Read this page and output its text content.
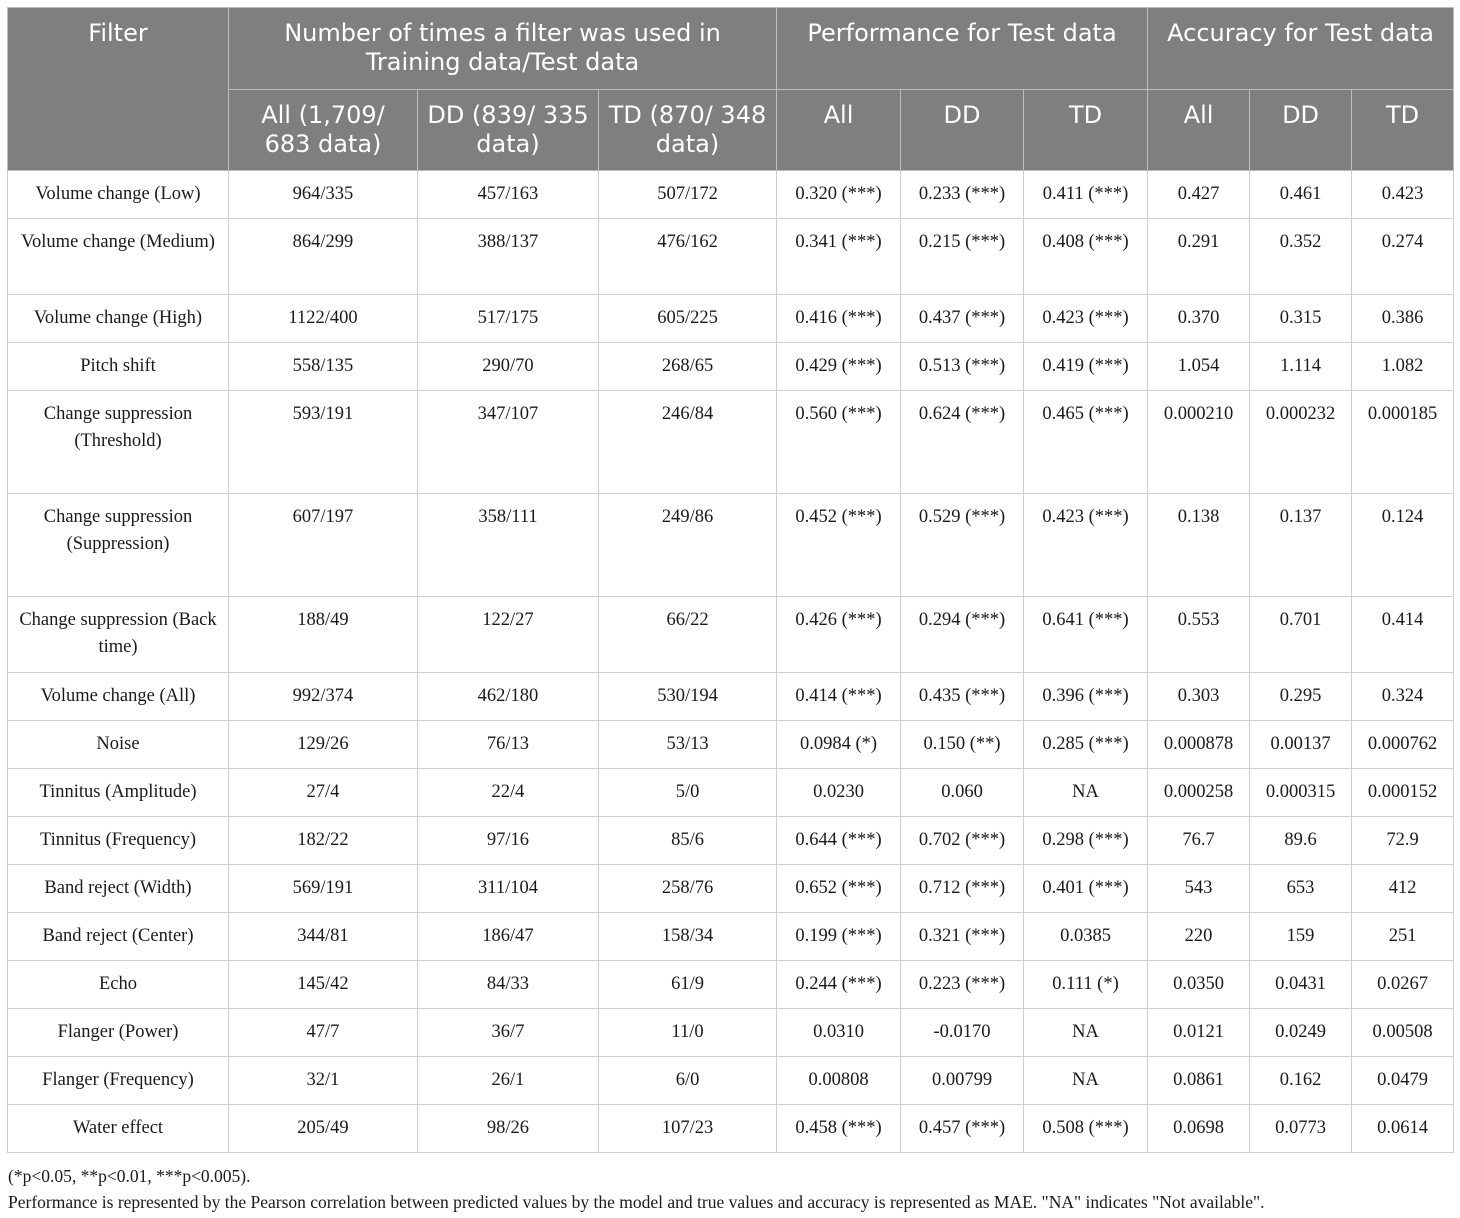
Filter	Number of times a filter was used in Training data/Test data			Performance for Test data			Accuracy for Test data		
	All (1,709/ 683 data)	DD (839/ 335 data)	TD (870/ 348 data)	All	DD	TD	All	DD	TD
Volume change (Low)	964/335	457/163	507/172	0.320 (***)	0.233 (***)	0.411 (***)	0.427	0.461	0.423
Volume change (Medium)	864/299	388/137	476/162	0.341 (***)	0.215 (***)	0.408 (***)	0.291	0.352	0.274
Volume change (High)	1122/400	517/175	605/225	0.416 (***)	0.437 (***)	0.423 (***)	0.370	0.315	0.386
Pitch shift	558/135	290/70	268/65	0.429 (***)	0.513 (***)	0.419 (***)	1.054	1.114	1.082
Change suppression (Threshold)	593/191	347/107	246/84	0.560 (***)	0.624 (***)	0.465 (***)	0.000210	0.000232	0.000185
Change suppression (Suppression)	607/197	358/111	249/86	0.452 (***)	0.529 (***)	0.423 (***)	0.138	0.137	0.124
Change suppression (Back time)	188/49	122/27	66/22	0.426 (***)	0.294 (***)	0.641 (***)	0.553	0.701	0.414
Volume change (All)	992/374	462/180	530/194	0.414 (***)	0.435 (***)	0.396 (***)	0.303	0.295	0.324
Noise	129/26	76/13	53/13	0.0984 (*)	0.150 (**)	0.285 (***)	0.000878	0.00137	0.000762
Tinnitus (Amplitude)	27/4	22/4	5/0	0.0230	0.060	NA	0.000258	0.000315	0.000152
Tinnitus (Frequency)	182/22	97/16	85/6	0.644 (***)	0.702 (***)	0.298 (***)	76.7	89.6	72.9
Band reject (Width)	569/191	311/104	258/76	0.652 (***)	0.712 (***)	0.401 (***)	543	653	412
Band reject (Center)	344/81	186/47	158/34	0.199 (***)	0.321 (***)	0.0385	220	159	251
Echo	145/42	84/33	61/9	0.244 (***)	0.223 (***)	0.111 (*)	0.0350	0.0431	0.0267
Flanger (Power)	47/7	36/7	11/0	0.0310	-0.0170	NA	0.0121	0.0249	0.00508
Flanger (Frequency)	32/1	26/1	6/0	0.00808	0.00799	NA	0.0861	0.162	0.0479
Water effect	205/49	98/26	107/23	0.458 (***)	0.457 (***)	0.508 (***)	0.0698	0.0773	0.0614
(*p<0.05, **p<0.01, ***p<0.005).
Performance is represented by the Pearson correlation between predicted values by the model and true values and accuracy is represented as MAE. "NA" indicates "Not available".
